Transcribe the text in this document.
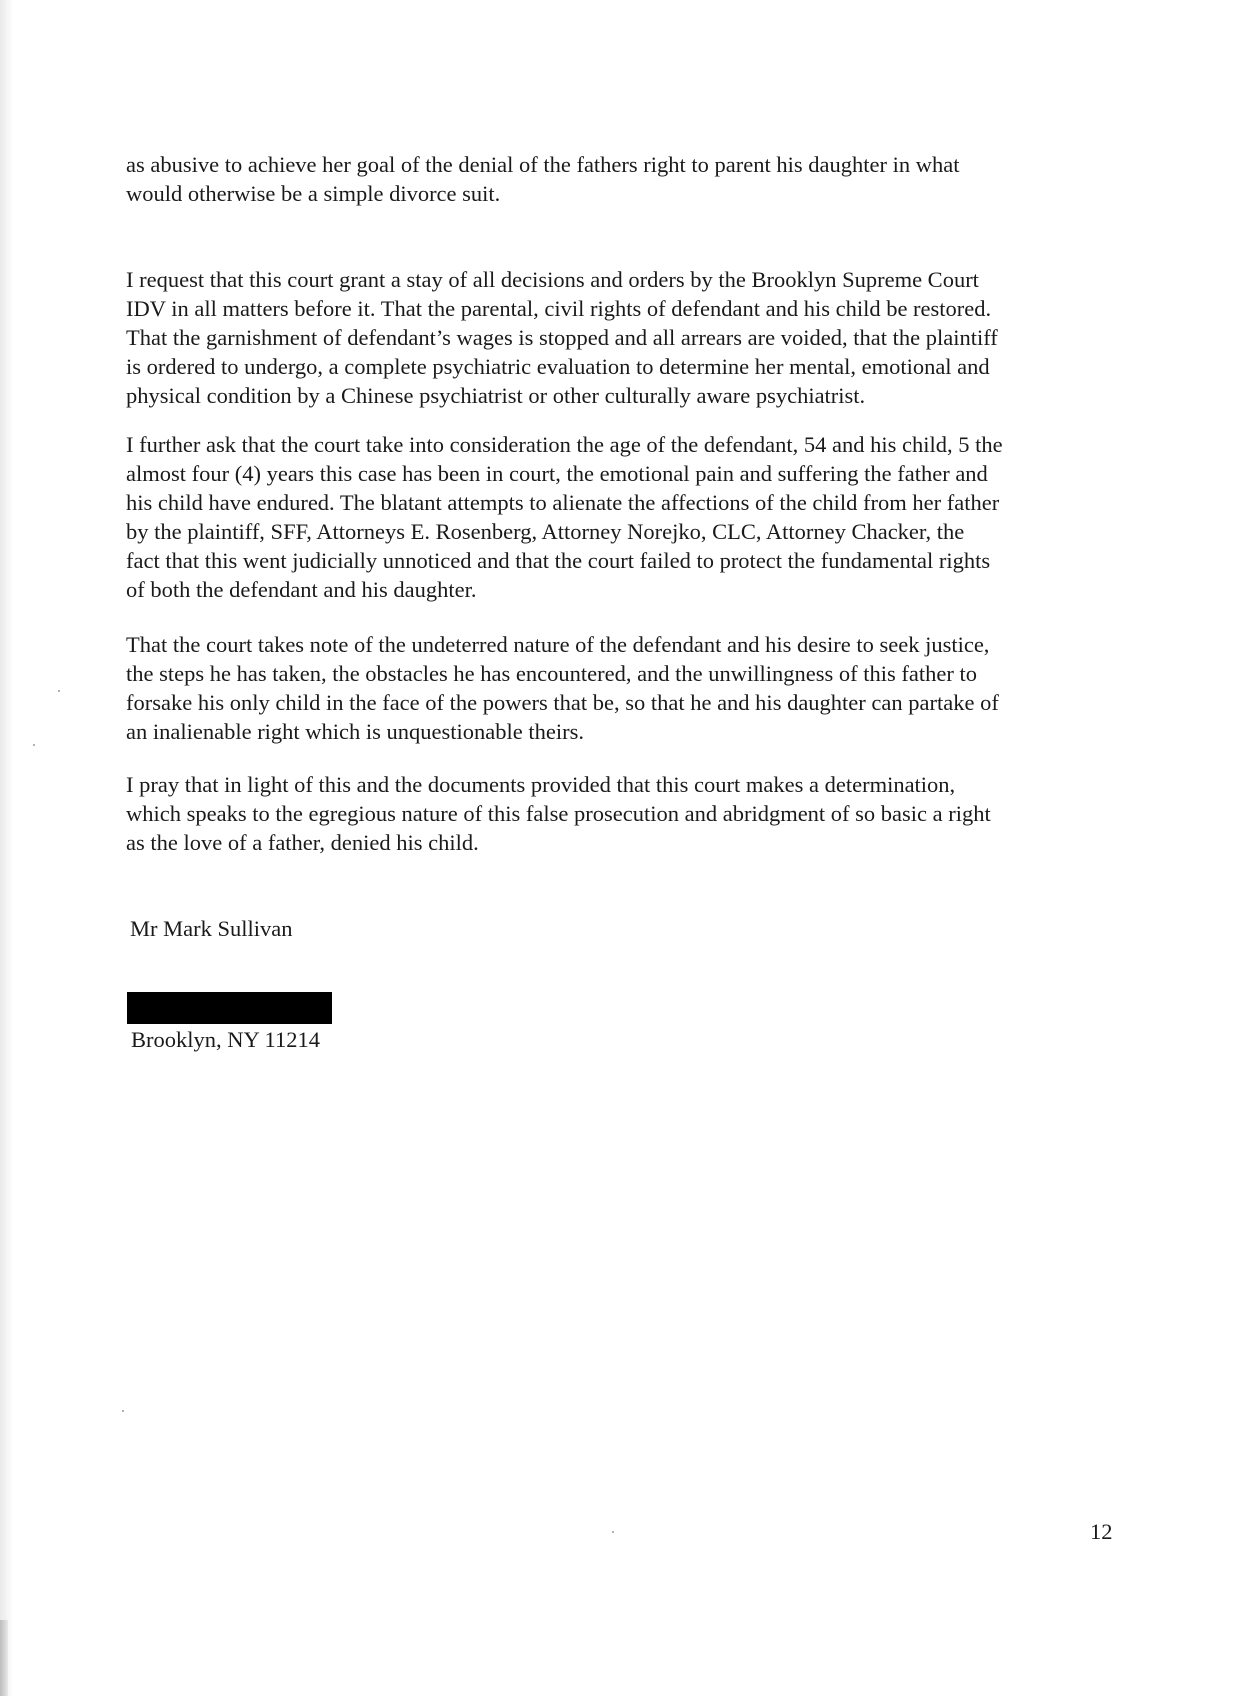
as abusive to achieve her goal of the denial of the fathers right to parent his daughter in what
would otherwise be a simple divorce suit.

I request that this court grant a stay of all decisions and orders by the Brooklyn Supreme Court
IDV in all matters before it. That the parental, civil rights of defendant and his child be restored.
That the garnishment of defendant’s wages is stopped and all arrears are voided, that the plaintiff
is ordered to undergo, a complete psychiatric evaluation to determine her mental, emotional and
physical condition by a Chinese psychiatrist or other culturally aware psychiatrist.

I further ask that the court take into consideration the age of the defendant, 54 and his child, 5 the
almost four (4) years this case has been in court, the emotional pain and suffering the father and
his child have endured. The blatant attempts to alienate the affections of the child from her father
by the plaintiff, SFF, Attorneys E. Rosenberg, Attorney Norejko, CLC, Attorney Chacker, the
fact that this went judicially unnoticed and that the court failed to protect the fundamental rights
of both the defendant and his daughter.

That the court takes note of the undeterred nature of the defendant and his desire to seek justice,
the steps he has taken, the obstacles he has encountered, and the unwillingness of this father to
forsake his only child in the face of the powers that be, so that he and his daughter can partake of
an inalienable right which is unquestionable theirs.

I pray that in light of this and the documents provided that this court makes a determination,
which speaks to the egregious nature of this false prosecution and abridgment of so basic a right
as the love of a father, denied his child.

Mr Mark Sullivan

Brooklyn, NY 11214

12
